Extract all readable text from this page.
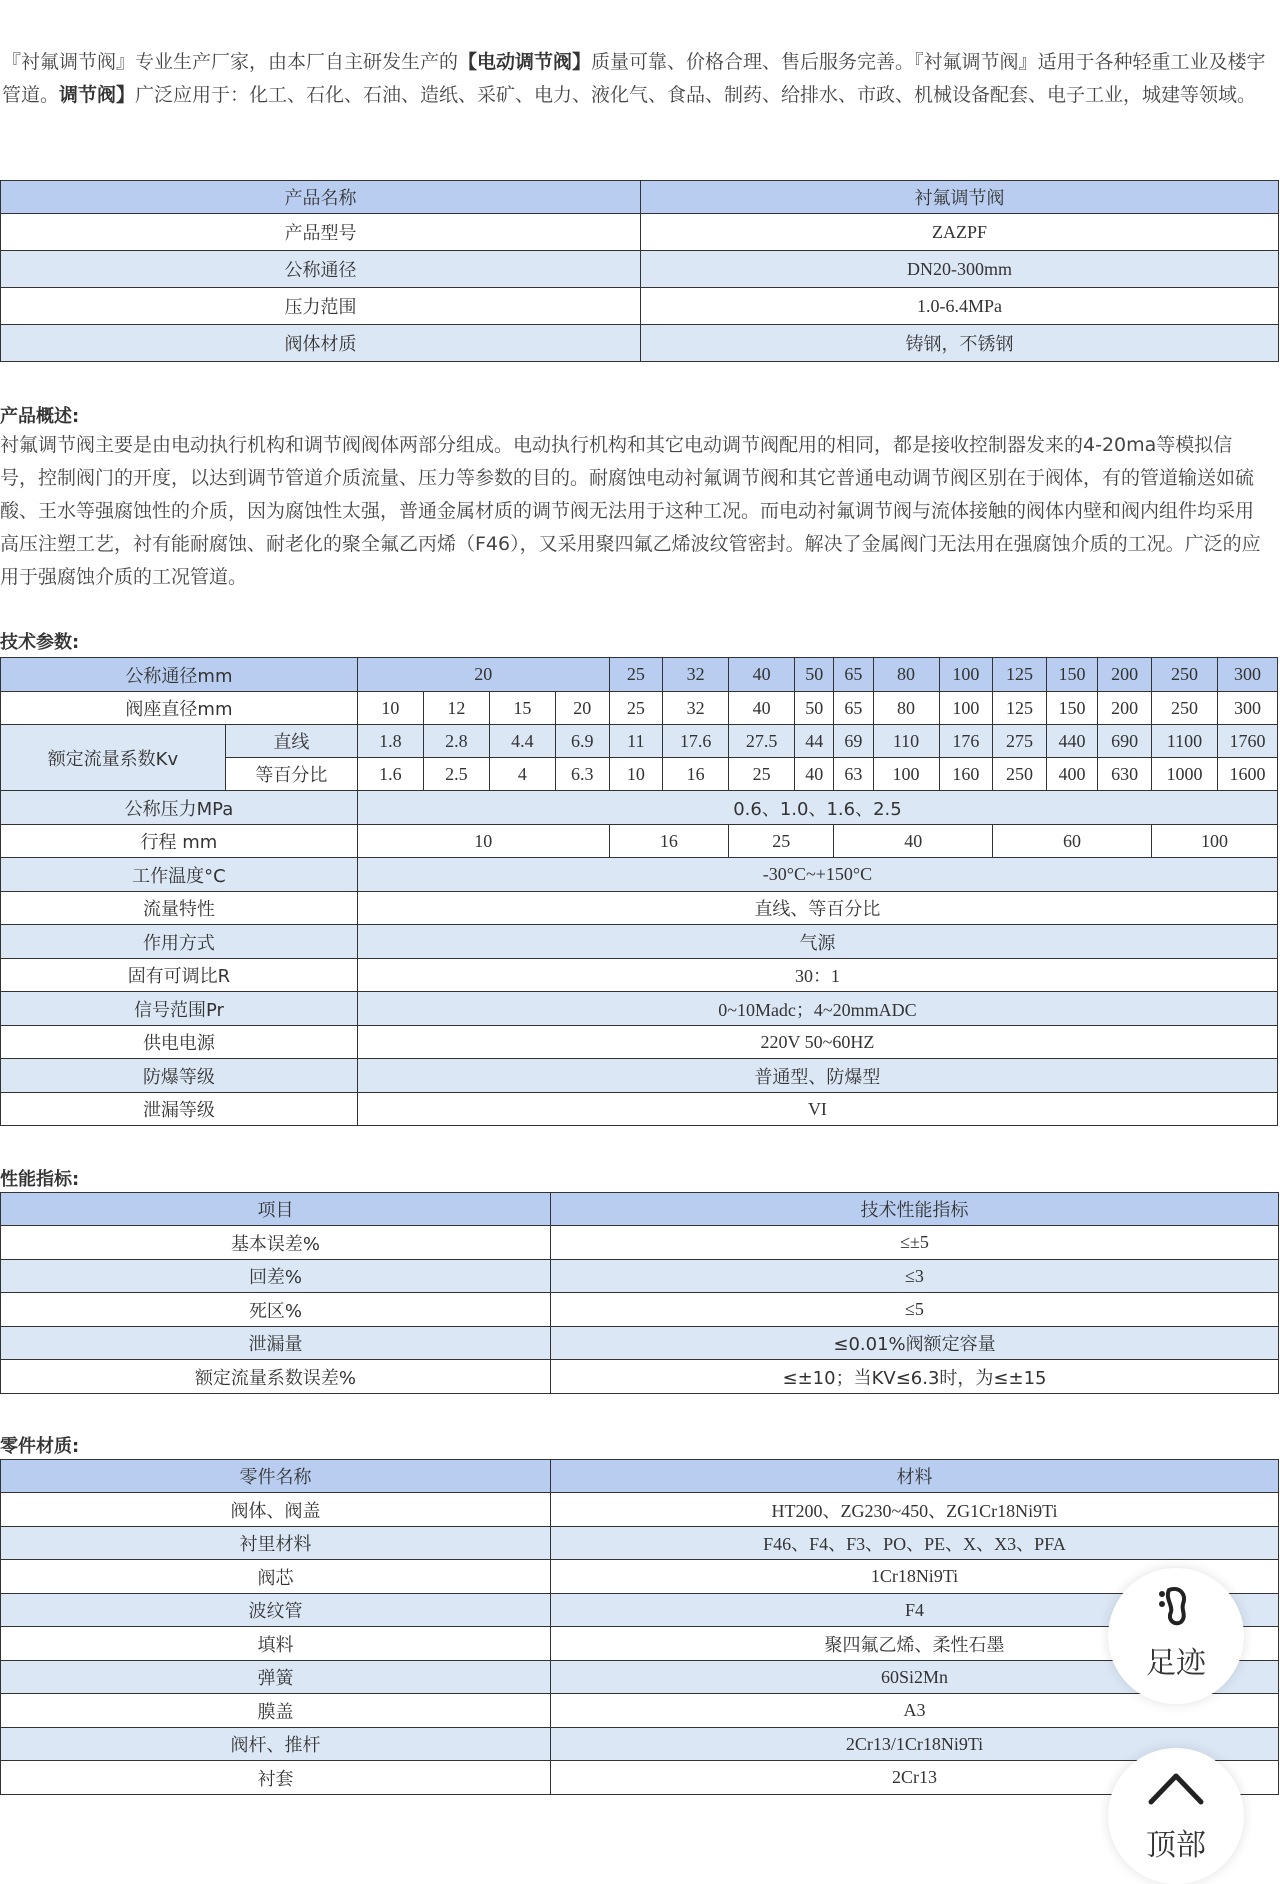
『衬氟调节阀』专业生产厂家，由本厂自主研发生产的【电动调节阀】质量可靠、价格合理、售后服务完善。『衬氟调节阀』适用于各种轻重工业及楼宇管道。调节阀】广泛应用于：化工、石化、石油、造纸、采矿、电力、液化气、食品、制药、给排水、市政、机械设备配套、电子工业，城建等领域。

产品名称	衬氟调节阀
产品型号	ZAZPF
公称通径	DN20-300mm
压力范围	1.0-6.4MPa
阀体材质	铸钢，不锈钢

产品概述:

衬氟调节阀主要是由电动执行机构和调节阀阀体两部分组成。电动执行机构和其它电动调节阀配用的相同，都是接收控制器发来的4-20ma等模拟信号，控制阀门的开度，以达到调节管道介质流量、压力等参数的目的。耐腐蚀电动衬氟调节阀和其它普通电动调节阀区别在于阀体，有的管道输送如硫酸、王水等强腐蚀性的介质，因为腐蚀性太强，普通金属材质的调节阀无法用于这种工况。而电动衬氟调节阀与流体接触的阀体内壁和阀内组件均采用高压注塑工艺，衬有能耐腐蚀、耐老化的聚全氟乙丙烯（F46），又采用聚四氟乙烯波纹管密封。解决了金属阀门无法用在强腐蚀介质的工况。广泛的应用于强腐蚀介质的工况管道。

技术参数:

公称通径mm		20				25	32	40	50	65	80	100	125	150	200	250	300
阀座直径mm		10	12	15	20	25	32	40	50	65	80	100	125	150	200	250	300
额定流量系数Kv	直线	1.8	2.8	4.4	6.9	11	17.6	27.5	44	69	110	176	275	440	690	1100	1760
	等百分比	1.6	2.5	4	6.3	10	16	25	40	63	100	160	250	400	630	1000	1600
公称压力MPa		0.6、1.0、1.6、2.5															
行程 mm		10				16		25		40			60			100	
工作温度°C		-30°C~+150°C															
流量特性		直线、等百分比															
作用方式		气源															
固有可调比R		30：1															
信号范围Pr		0~10Madc；4~20mmADC															
供电电源		220V 50~60HZ															
防爆等级		普通型、防爆型															
泄漏等级		VI															

性能指标:

项目	技术性能指标
基本误差%	≤±5
回差%	≤3
死区%	≤5
泄漏量	≤0.01%阀额定容量
额定流量系数误差%	≤±10；当KV≤6.3时，为≤±15

零件材质:

零件名称	材料
阀体、阀盖	HT200、ZG230~450、ZG1Cr18Ni9Ti
衬里材料	F46、F4、F3、PO、PE、X、X3、PFA
阀芯	1Cr18Ni9Ti
波纹管	F4
填料	聚四氟乙烯、柔性石墨
弹簧	60Si2Mn
膜盖	A3
阀杆、推杆	2Cr13/1Cr18Ni9Ti
衬套	2Cr13
足迹
顶部
